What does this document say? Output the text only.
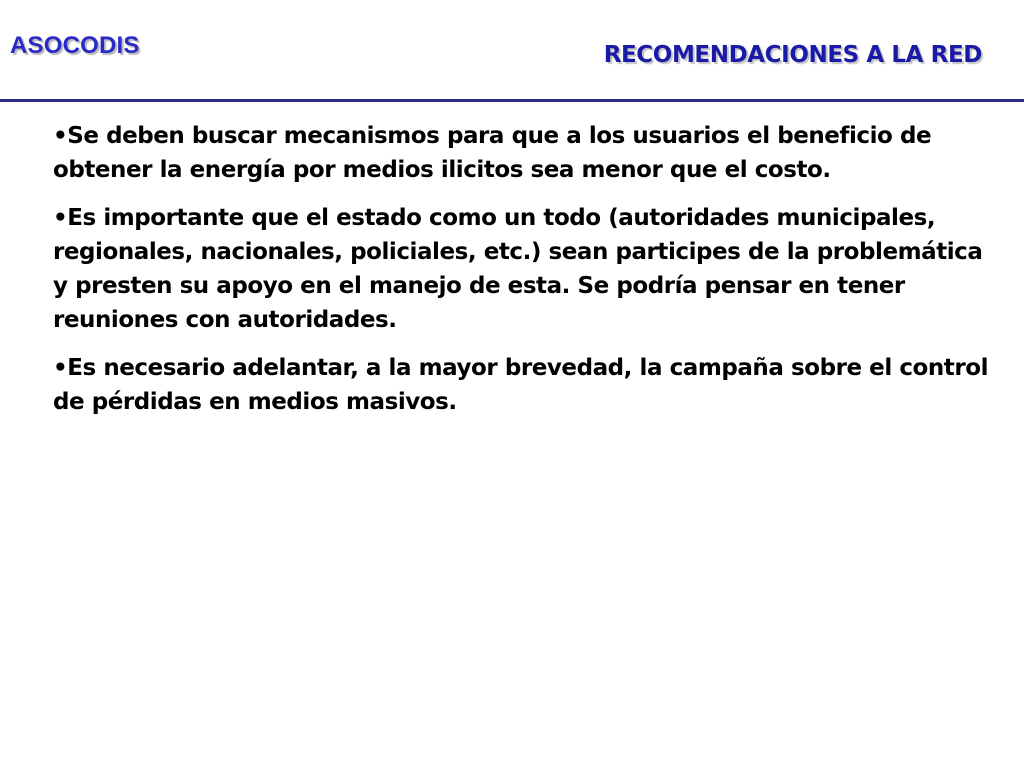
ASOCODIS	RECOMENDACIONES A LA RED

•Se deben buscar mecanismos para que a los usuarios el beneficio de obtener la energía por medios ilicitos sea menor que el costo.

•Es importante que el estado como un todo (autoridades municipales, regionales, nacionales, policiales, etc.) sean participes de la problemática y presten su apoyo en el manejo de esta. Se podría pensar en tener reuniones con autoridades.

•Es necesario adelantar, a la mayor brevedad, la campaña sobre el control de pérdidas en medios masivos.
